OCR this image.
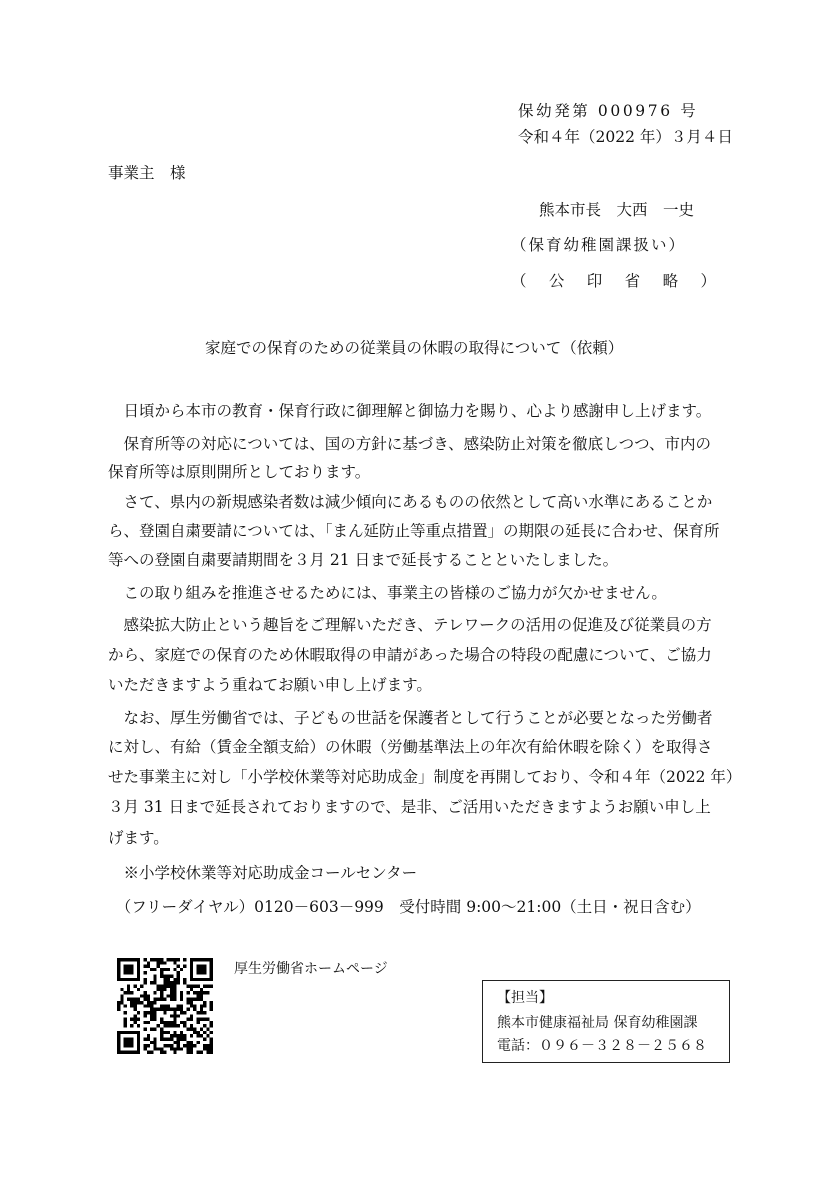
保幼発第 000976 号
令和４年（2022 年）３月４日
事業主　様
熊本市長　大西　一史
（保育幼稚園課扱い）
（ 公 印 省 略 ）
家庭での保育のための従業員の休暇の取得について（依頼）
　日頃から本市の教育・保育行政に御理解と御協力を賜り、心より感謝申し上げます。
　保育所等の対応については、国の方針に基づき、感染防止対策を徹底しつつ、市内の
保育所等は原則開所としております。
　さて、県内の新規感染者数は減少傾向にあるものの依然として高い水準にあることか
ら、登園自粛要請については、「まん延防止等重点措置」の期限の延長に合わせ、保育所
等への登園自粛要請期間を３月 21 日まで延長することといたしました。
　この取り組みを推進させるためには、事業主の皆様のご協力が欠かせません。
　感染拡大防止という趣旨をご理解いただき、テレワークの活用の促進及び従業員の方
から、家庭での保育のため休暇取得の申請があった場合の特段の配慮について、ご協力
いただきますよう重ねてお願い申し上げます。
　なお、厚生労働省では、子どもの世話を保護者として行うことが必要となった労働者
に対し、有給（賃金全額支給）の休暇（労働基準法上の年次有給休暇を除く）を取得さ
せた事業主に対し「小学校休業等対応助成金」制度を再開しており、令和４年（2022 年）
３月 31 日まで延長されておりますので、是非、ご活用いただきますようお願い申し上
げます。
　※小学校休業等対応助成金コールセンター
　（フリーダイヤル）0120－603－999　受付時間 9:00～21:00（土日・祝日含む）
厚生労働省ホームページ
【担当】
熊本市健康福祉局 保育幼稚園課
電話：０９６－３２８－２５６８
